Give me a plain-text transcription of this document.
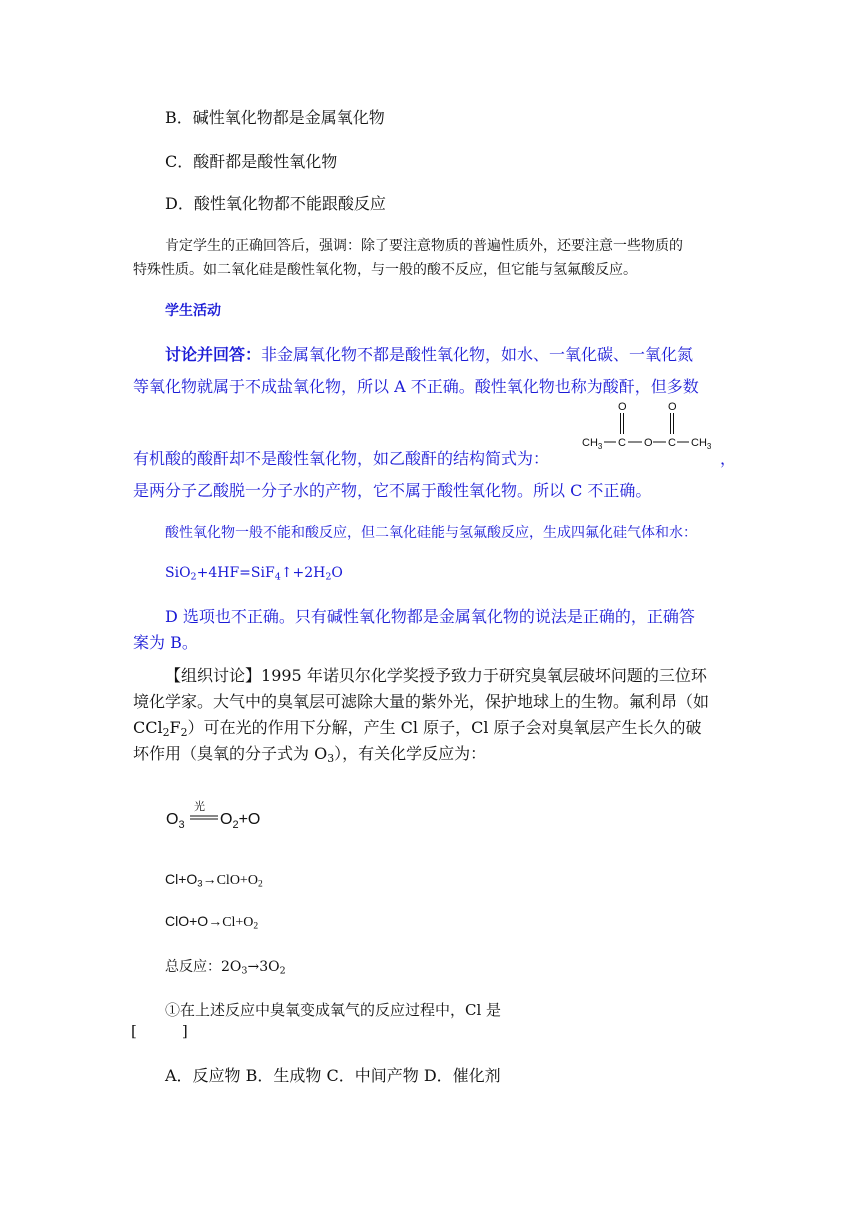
B．碱性氧化物都是金属氧化物
C．酸酐都是酸性氧化物
D．酸性氧化物都不能跟酸反应
肯定学生的正确回答后，强调：除了要注意物质的普遍性质外，还要注意一些物质的
特殊性质。如二氧化硅是酸性氧化物，与一般的酸不反应，但它能与氢氟酸反应。
学生活动
讨论并回答：非金属氧化物不都是酸性氧化物，如水、一氧化碳、一氧化氮
等氧化物就属于不成盐氧化物，所以 A 不正确。酸性氧化物也称为酸酐，但多数
有机酸的酸酐却不是酸性氧化物，如乙酸酐的结构简式为：	，
O	O
$CH_3$ C O C $CH_3$
是两分子乙酸脱一分子水的产物，它不属于酸性氧化物。所以 C 不正确。
酸性氧化物一般不能和酸反应，但二氧化硅能与氢氟酸反应，生成四氟化硅气体和水：
$SiO_2+4HF=SiF_4↑+2H_2O$
D 选项也不正确。只有碱性氧化物都是金属氧化物的说法是正确的，正确答
案为 B。
【组织讨论】1995 年诺贝尔化学奖授予致力于研究臭氧层破坏问题的三位环
境化学家。大气中的臭氧层可滤除大量的紫外光，保护地球上的生物。氟利昂（如
$CCl_2F_2$）可在光的作用下分解，产生 Cl 原子，Cl 原子会对臭氧层产生长久的破
坏作用（臭氧的分子式为 $O_3$），有关化学反应为：
$O_3$
光
$O_2+O$
$Cl+O_3\to ClO+O_2$
$ClO+O\to Cl+O_2$
总反应：$2O_3\to 3O_2$
①在上述反应中臭氧变成氧气的反应过程中，Cl 是
[　　　]
A．反应物 B．生成物 C．中间产物 D．催化剂
